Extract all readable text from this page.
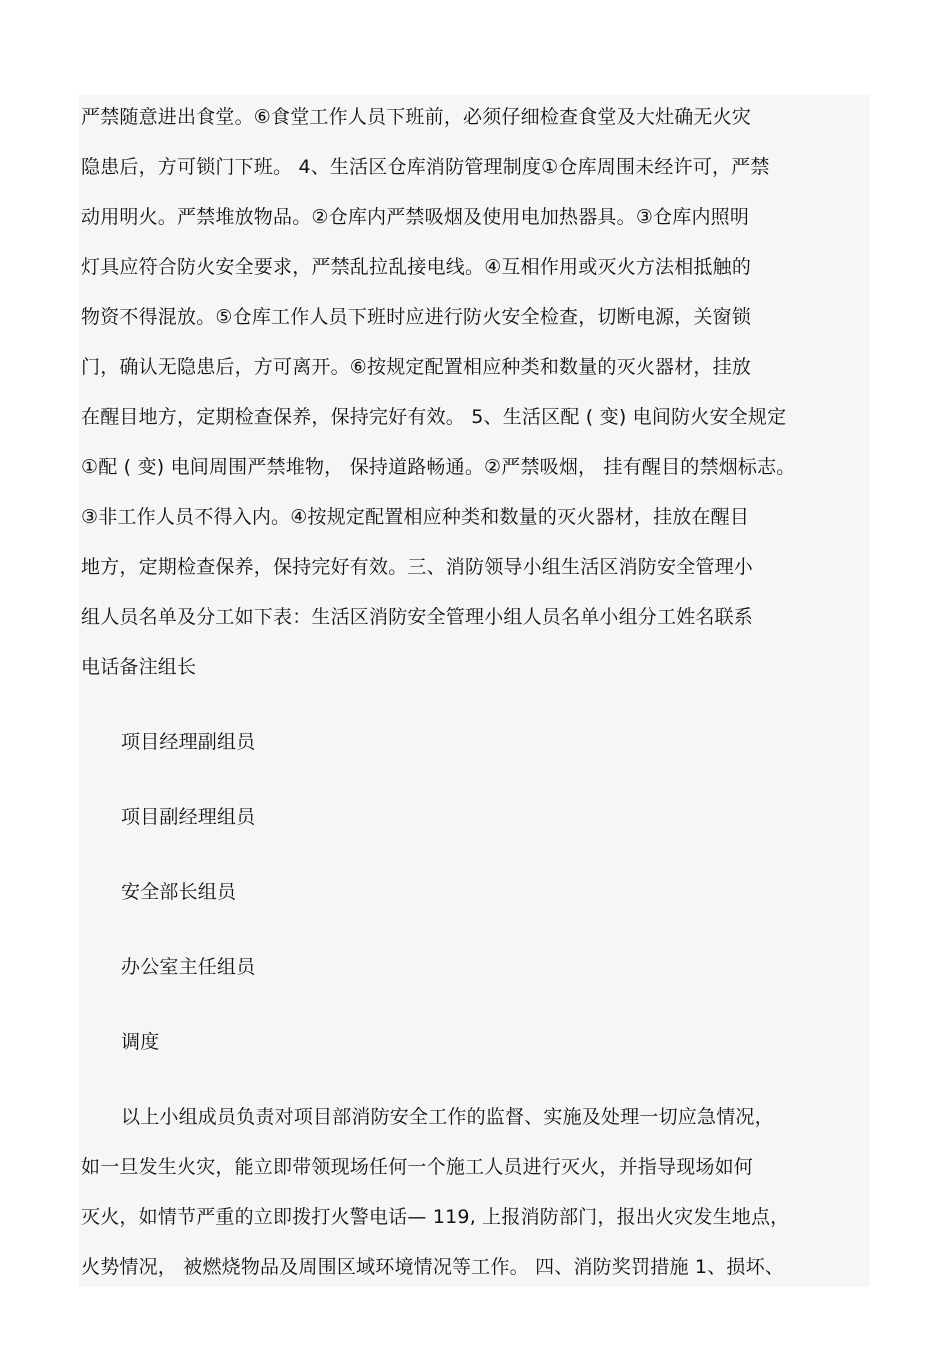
严禁随意进出食堂。⑥食堂工作人员下班前，必须仔细检查食堂及大灶确无火灾
隐患后，方可锁门下班。 4、生活区仓库消防管理制度①仓库周围未经许可，严禁
动用明火。严禁堆放物品。②仓库内严禁吸烟及使用电加热器具。③仓库内照明
灯具应符合防火安全要求，严禁乱拉乱接电线。④互相作用或灭火方法相抵触的
物资不得混放。⑤仓库工作人员下班时应进行防火安全检查，切断电源，关窗锁
门，确认无隐患后，方可离开。⑥按规定配置相应种类和数量的灭火器材，挂放
在醒目地方，定期检查保养，保持完好有效。 5、生活区配 ( 变) 电间防火安全规定
①配 ( 变) 电间周围严禁堆物， 保持道路畅通。②严禁吸烟， 挂有醒目的禁烟标志。
③非工作人员不得入内。④按规定配置相应种类和数量的灭火器材，挂放在醒目
地方，定期检查保养，保持完好有效。三、消防领导小组生活区消防安全管理小
组人员名单及分工如下表：生活区消防安全管理小组人员名单小组分工姓名联系
电话备注组长
项目经理副组员
项目副经理组员
安全部长组员
办公室主任组员
调度
以上小组成员负责对项目部消防安全工作的监督、实施及处理一切应急情况，
如一旦发生火灾，能立即带领现场任何一个施工人员进行灭火，并指导现场如何
灭火，如情节严重的立即拨打火警电话— 119, 上报消防部门，报出火灾发生地点，
火势情况， 被燃烧物品及周围区域环境情况等工作。 四、消防奖罚措施 1、损坏、
